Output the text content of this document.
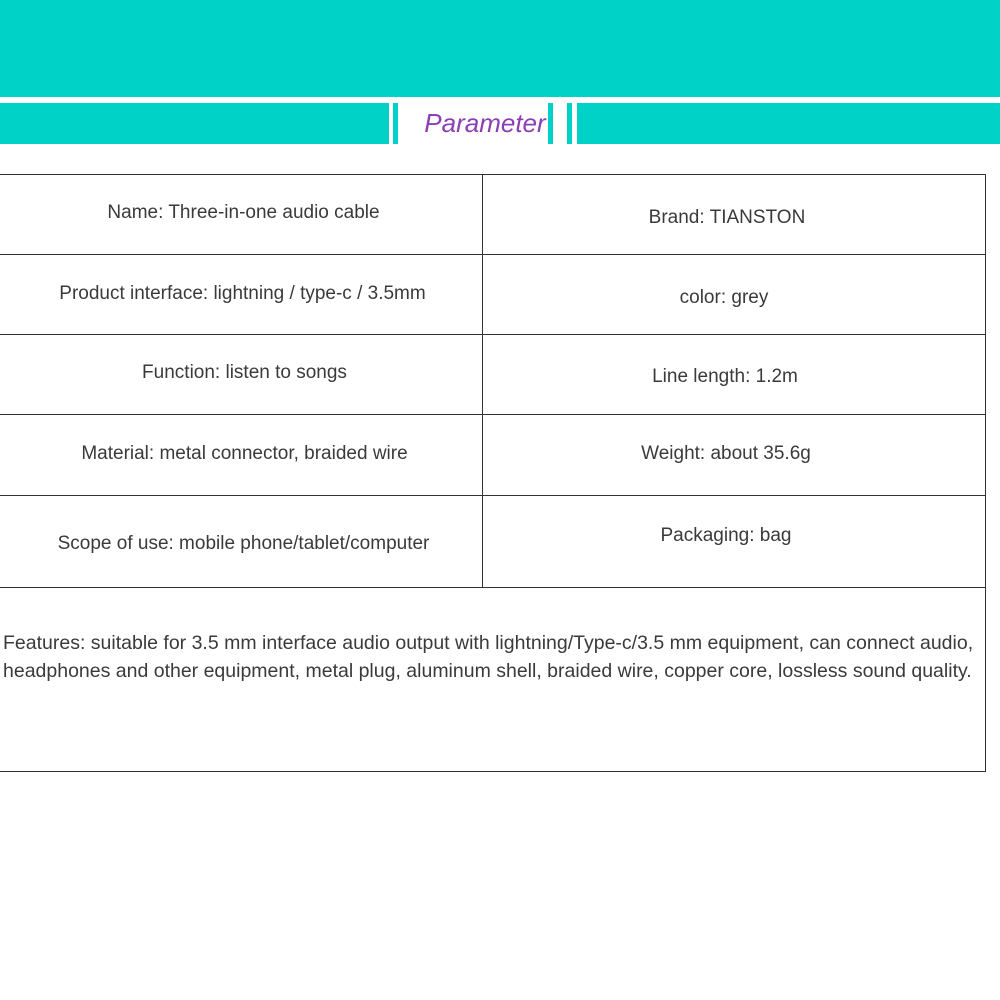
Parameter
Name: Three-in-one audio cable	Brand: TIANSTON
Product interface: lightning / type-c / 3.5mm	color: grey
Function: listen to songs	Line length: 1.2m
Material: metal connector, braided wire	Weight: about 35.6g
Scope of use: mobile phone/tablet/computer	Packaging: bag
Features: suitable for 3.5 mm interface audio output with lightning/Type-c/3.5 mm equipment, can connect audio, headphones and other equipment, metal plug, aluminum shell, braided wire, copper core, lossless sound quality.
